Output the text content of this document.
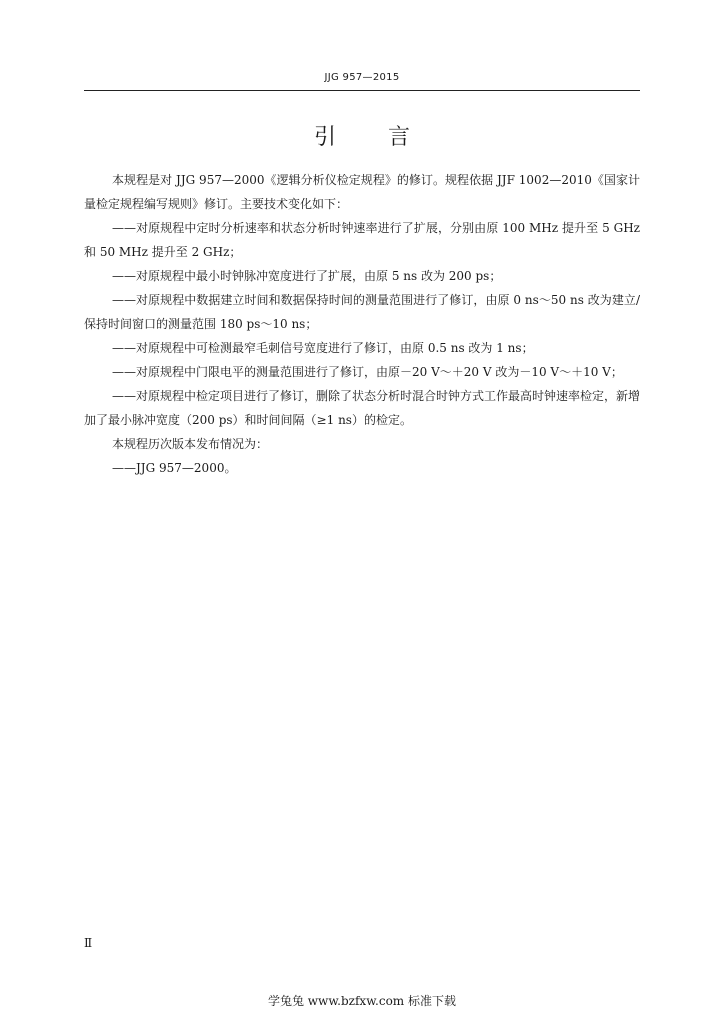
JJG 957—2015
引 言

本规程是对 JJG 957—2000《逻辑分析仪检定规程》的修订。规程依据 JJF 1002—2010《国家计量检定规程编写规则》修订。主要技术变化如下：

——对原规程中定时分析速率和状态分析时钟速率进行了扩展，分别由原 100 MHz 提升至 5 GHz 和 50 MHz 提升至 2 GHz；

——对原规程中最小时钟脉冲宽度进行了扩展，由原 5 ns 改为 200 ps；

——对原规程中数据建立时间和数据保持时间的测量范围进行了修订，由原 0 ns～50 ns 改为建立/保持时间窗口的测量范围 180 ps～10 ns；

——对原规程中可检测最窄毛刺信号宽度进行了修订，由原 0.5 ns 改为 1 ns；

——对原规程中门限电平的测量范围进行了修订，由原－20 V～＋20 V 改为－10 V～＋10 V；

——对原规程中检定项目进行了修订，删除了状态分析时混合时钟方式工作最高时钟速率检定，新增加了最小脉冲宽度（200 ps）和时间间隔（≥1 ns）的检定。

本规程历次版本发布情况为：

——JJG 957—2000。

Ⅱ
学兔兔 www.bzfxw.com 标准下载
